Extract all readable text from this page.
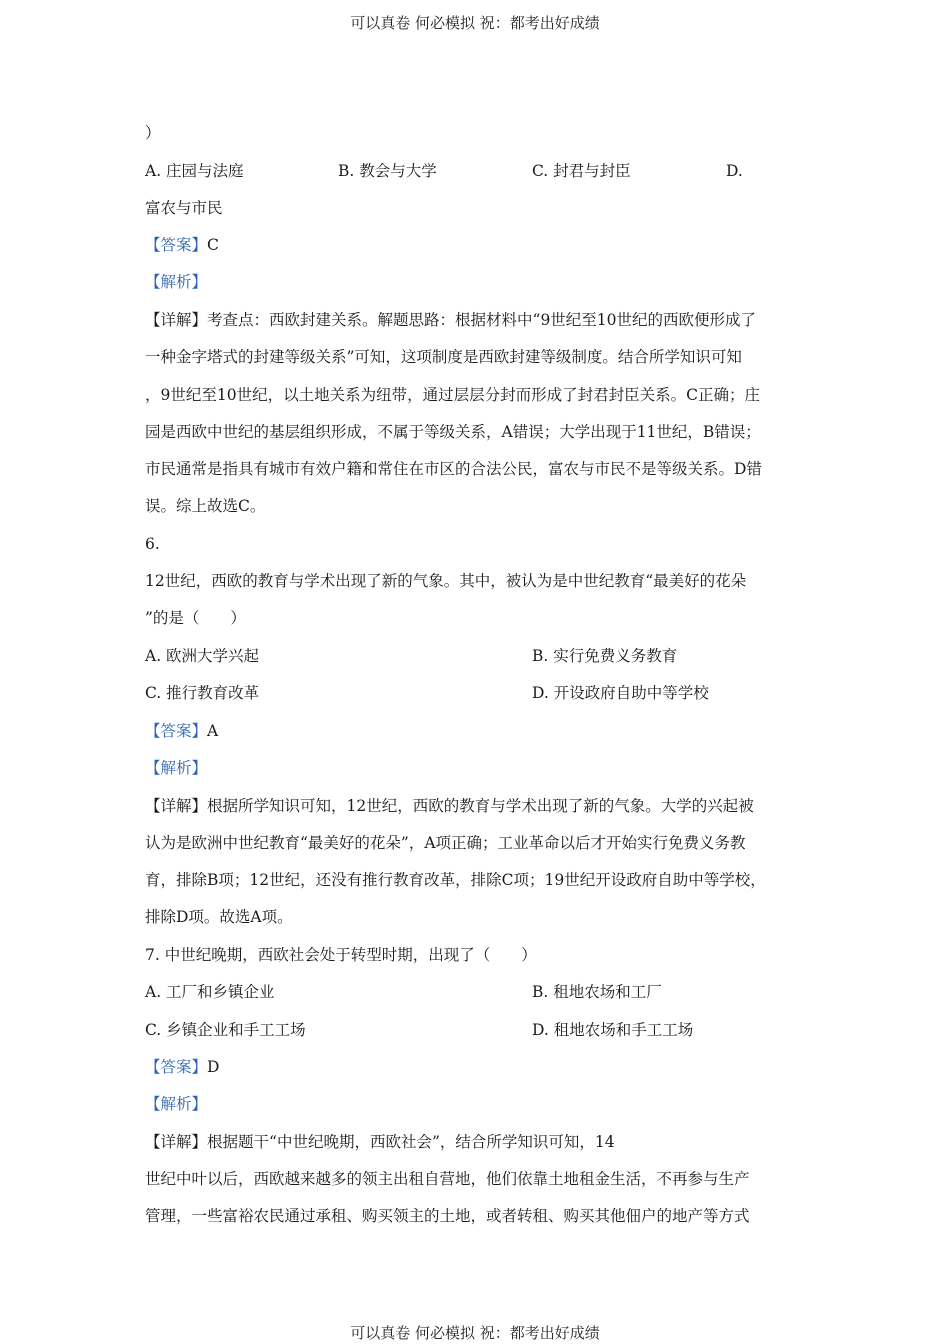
可以真卷 何必模拟 祝：都考出好成绩
）
A. 庄园与法庭	B. 教会与大学	C. 封君与封臣	D.
富农与市民
【答案】C
【解析】
【详解】考查点：西欧封建关系。解题思路：根据材料中“9世纪至10世纪的西欧便形成了
一种金字塔式的封建等级关系”可知，这项制度是西欧封建等级制度。结合所学知识可知
，9世纪至10世纪，以土地关系为纽带，通过层层分封而形成了封君封臣关系。C正确；庄
园是西欧中世纪的基层组织形成，不属于等级关系，A错误；大学出现于11世纪，B错误；
市民通常是指具有城市有效户籍和常住在市区的合法公民，富农与市民不是等级关系。D错
误。综上故选C。
6.
12世纪，西欧的教育与学术出现了新的气象。其中，被认为是中世纪教育“最美好的花朵
”的是（　　）
A. 欧洲大学兴起	B. 实行免费义务教育
C. 推行教育改革	D. 开设政府自助中等学校
【答案】A
【解析】
【详解】根据所学知识可知，12世纪，西欧的教育与学术出现了新的气象。大学的兴起被
认为是欧洲中世纪教育“最美好的花朵”，A项正确；工业革命以后才开始实行免费义务教
育，排除B项；12世纪，还没有推行教育改革，排除C项；19世纪开设政府自助中等学校，
排除D项。故选A项。
7. 中世纪晚期，西欧社会处于转型时期，出现了（　　）
A. 工厂和乡镇企业	B. 租地农场和工厂
C. 乡镇企业和手工工场	D. 租地农场和手工工场
【答案】D
【解析】
【详解】根据题干“中世纪晚期，西欧社会”，结合所学知识可知，14
世纪中叶以后，西欧越来越多的领主出租自营地，他们依靠土地租金生活，不再参与生产
管理，一些富裕农民通过承租、购买领主的土地，或者转租、购买其他佃户的地产等方式
可以真卷 何必模拟 祝：都考出好成绩
